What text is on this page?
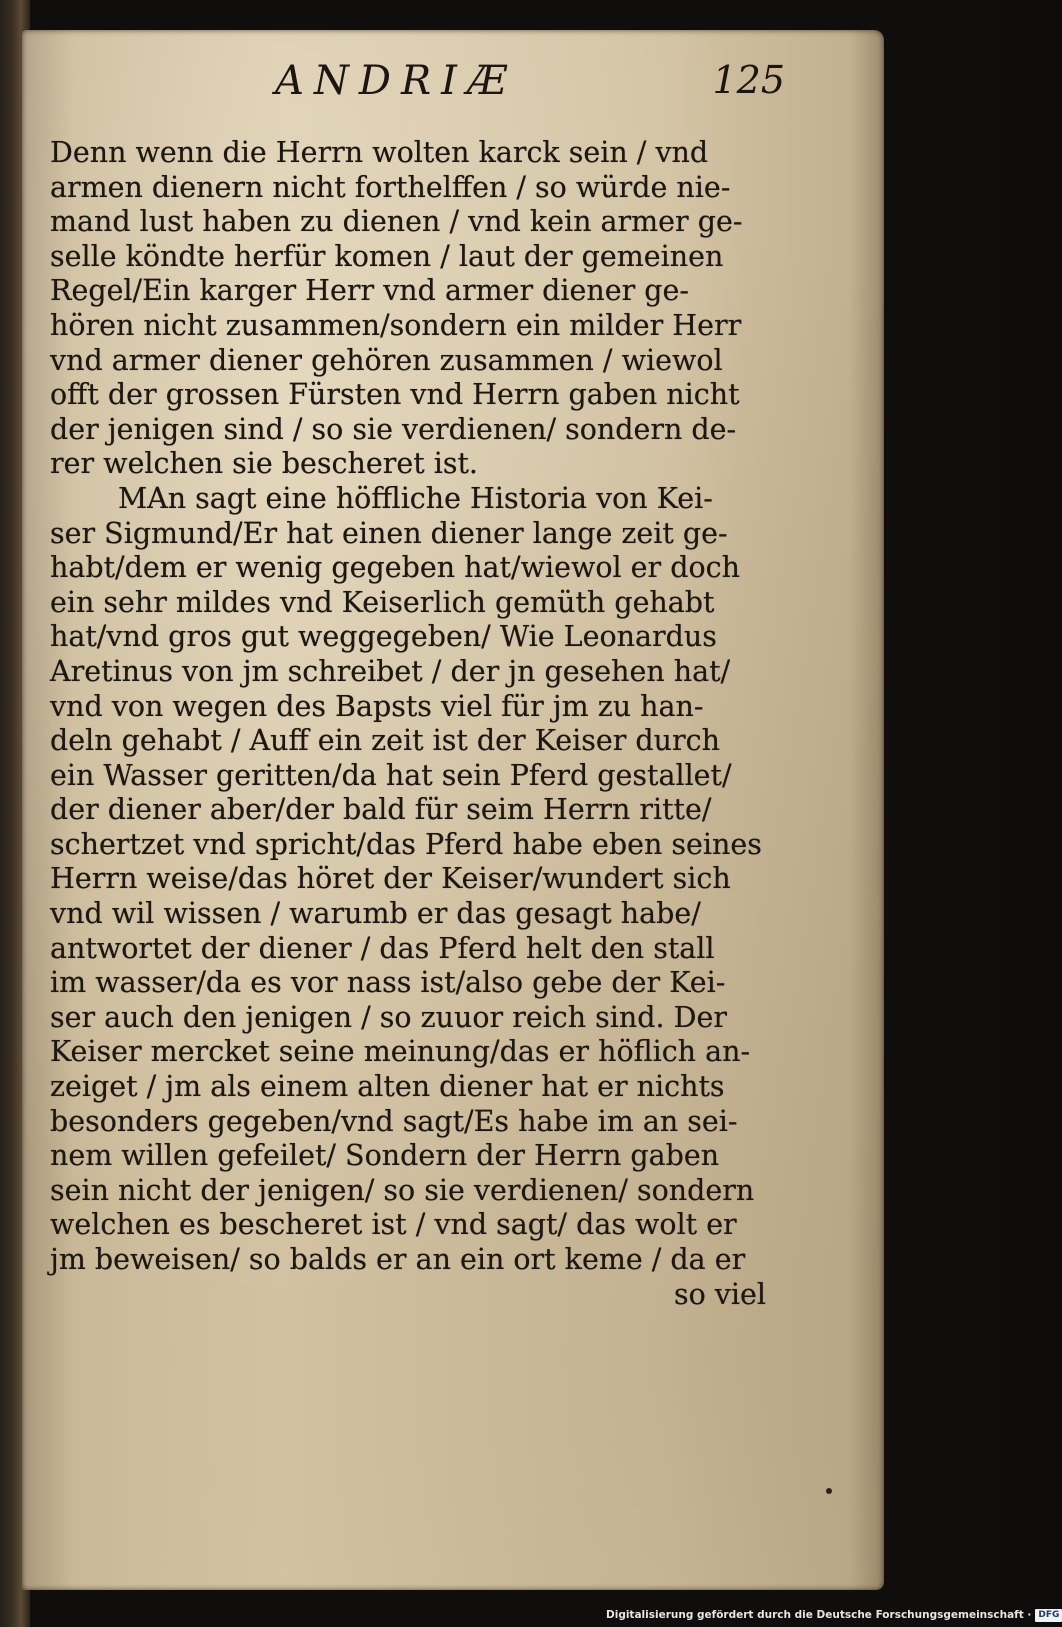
ANDRIÆ	125
Denn wenn die Herrn wolten karck sein / vnd
armen dienern nicht forthelffen / so würde nie-
mand lust haben zu dienen / vnd kein armer ge-
selle köndte herfür komen / laut der gemeinen
Regel/Ein karger Herr vnd armer diener ge-
hören nicht zusammen/sondern ein milder Herr
vnd armer diener gehören zusammen / wiewol
offt der grossen Fürsten vnd Herrn gaben nicht
der jenigen sind / so sie verdienen/ sondern de-
rer welchen sie bescheret ist.
MAn sagt eine höffliche Historia von Kei-
ser Sigmund/Er hat einen diener lange zeit ge-
habt/dem er wenig gegeben hat/wiewol er doch
ein sehr mildes vnd Keiserlich gemüth gehabt
hat/vnd gros gut weggegeben/ Wie Leonardus
Aretinus von jm schreibet / der jn gesehen hat/
vnd von wegen des Bapsts viel für jm zu han-
deln gehabt / Auff ein zeit ist der Keiser durch
ein Wasser geritten/da hat sein Pferd gestallet/
der diener aber/der bald für seim Herrn ritte/
schertzet vnd spricht/das Pferd habe eben seines
Herrn weise/das höret der Keiser/wundert sich
vnd wil wissen / warumb er das gesagt habe/
antwortet der diener / das Pferd helt den stall
im wasser/da es vor nass ist/also gebe der Kei-
ser auch den jenigen / so zuuor reich sind. Der
Keiser mercket seine meinung/das er höflich an-
zeiget / jm als einem alten diener hat er nichts
besonders gegeben/vnd sagt/Es habe im an sei-
nem willen gefeilet/ Sondern der Herrn gaben
sein nicht der jenigen/ so sie verdienen/ sondern
welchen es bescheret ist / vnd sagt/ das wolt er
jm beweisen/ so balds er an ein ort keme / da er
so viel
Digitalisierung gefördert durch die Deutsche Forschungsgemeinschaft · DFG
